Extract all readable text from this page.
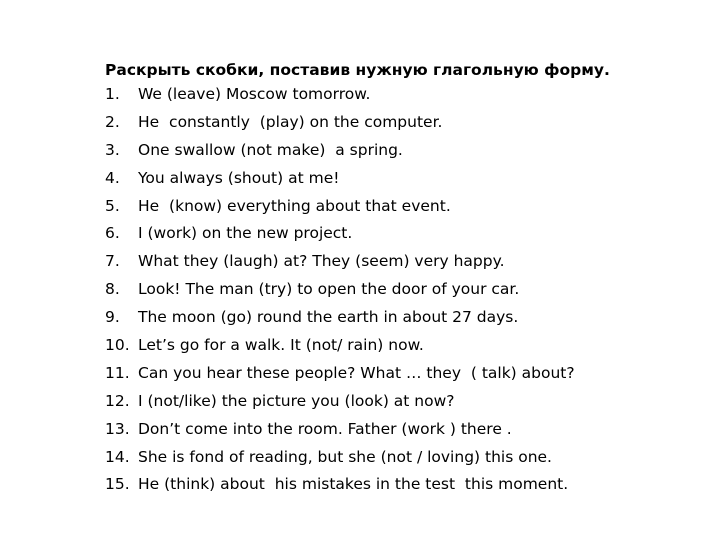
Раскрыть скобки, поставив нужную глагольную форму.

1. We (leave) Moscow tomorrow.
2. He  constantly  (play) on the computer.
3. One swallow (not make)  a spring.
4. You always (shout) at me!
5. He  (know) everything about that event.
6. I (work) on the new project.
7. What they (laugh) at? They (seem) very happy.
8. Look! The man (try) to open the door of your car.
9. The moon (go) round the earth in about 27 days.
10. Let’s go for a walk. It (not/ rain) now.
11. Can you hear these people? What … they  ( talk) about?
12. I (not/like) the picture you (look) at now?
13. Don’t come into the room. Father (work ) there .
14. She is fond of reading, but she (not / loving) this one.
15. He (think) about  his mistakes in the test  this moment.
